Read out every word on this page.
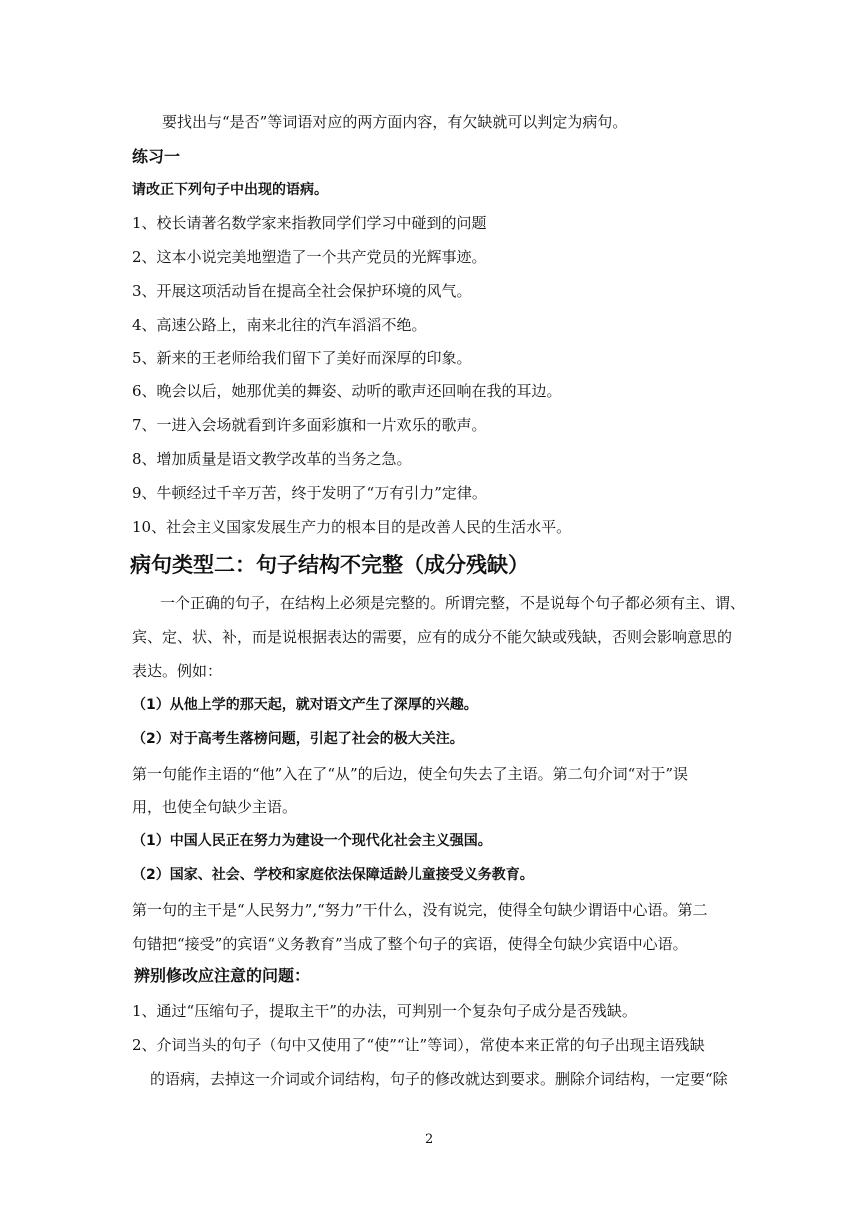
要找出与“是否”等词语对应的两方面内容，有欠缺就可以判定为病句。
练习一
请改正下列句子中出现的语病。
1、校长请著名数学家来指教同学们学习中碰到的问题
2、这本小说完美地塑造了一个共产党员的光辉事迹。
3、开展这项活动旨在提高全社会保护环境的风气。
4、高速公路上，南来北往的汽车滔滔不绝。
5、新来的王老师给我们留下了美好而深厚的印象。
6、晚会以后，她那优美的舞姿、动听的歌声还回响在我的耳边。
7、一进入会场就看到许多面彩旗和一片欢乐的歌声。
8、增加质量是语文教学改革的当务之急。
9、牛顿经过千辛万苦，终于发明了“万有引力”定律。
10、社会主义国家发展生产力的根本目的是改善人民的生活水平。
病句类型二：句子结构不完整（成分残缺）
一个正确的句子，在结构上必须是完整的。所谓完整，不是说每个句子都必须有主、谓、
宾、定、状、补，而是说根据表达的需要，应有的成分不能欠缺或残缺，否则会影响意思的
表达。例如：
（1）从他上学的那天起，就对语文产生了深厚的兴趣。
（2）对于高考生落榜问题，引起了社会的极大关注。
第一句能作主语的“他”入在了“从”的后边，使全句失去了主语。第二句介词“对于”误
用，也使全句缺少主语。
（1）中国人民正在努力为建设一个现代化社会主义强国。
（2）国家、社会、学校和家庭依法保障适龄儿童接受义务教育。
第一句的主干是“人民努力”,“努力”干什么，没有说完，使得全句缺少谓语中心语。第二
句错把“接受”的宾语“义务教育”当成了整个句子的宾语，使得全句缺少宾语中心语。
辨别修改应注意的问题：
1、通过“压缩句子，提取主干”的办法，可判别一个复杂句子成分是否残缺。
2、介词当头的句子（句中又使用了“使”“让”等词），常使本来正常的句子出现主语残缺
的语病，去掉这一介词或介词结构，句子的修改就达到要求。删除介词结构，一定要“除
2
